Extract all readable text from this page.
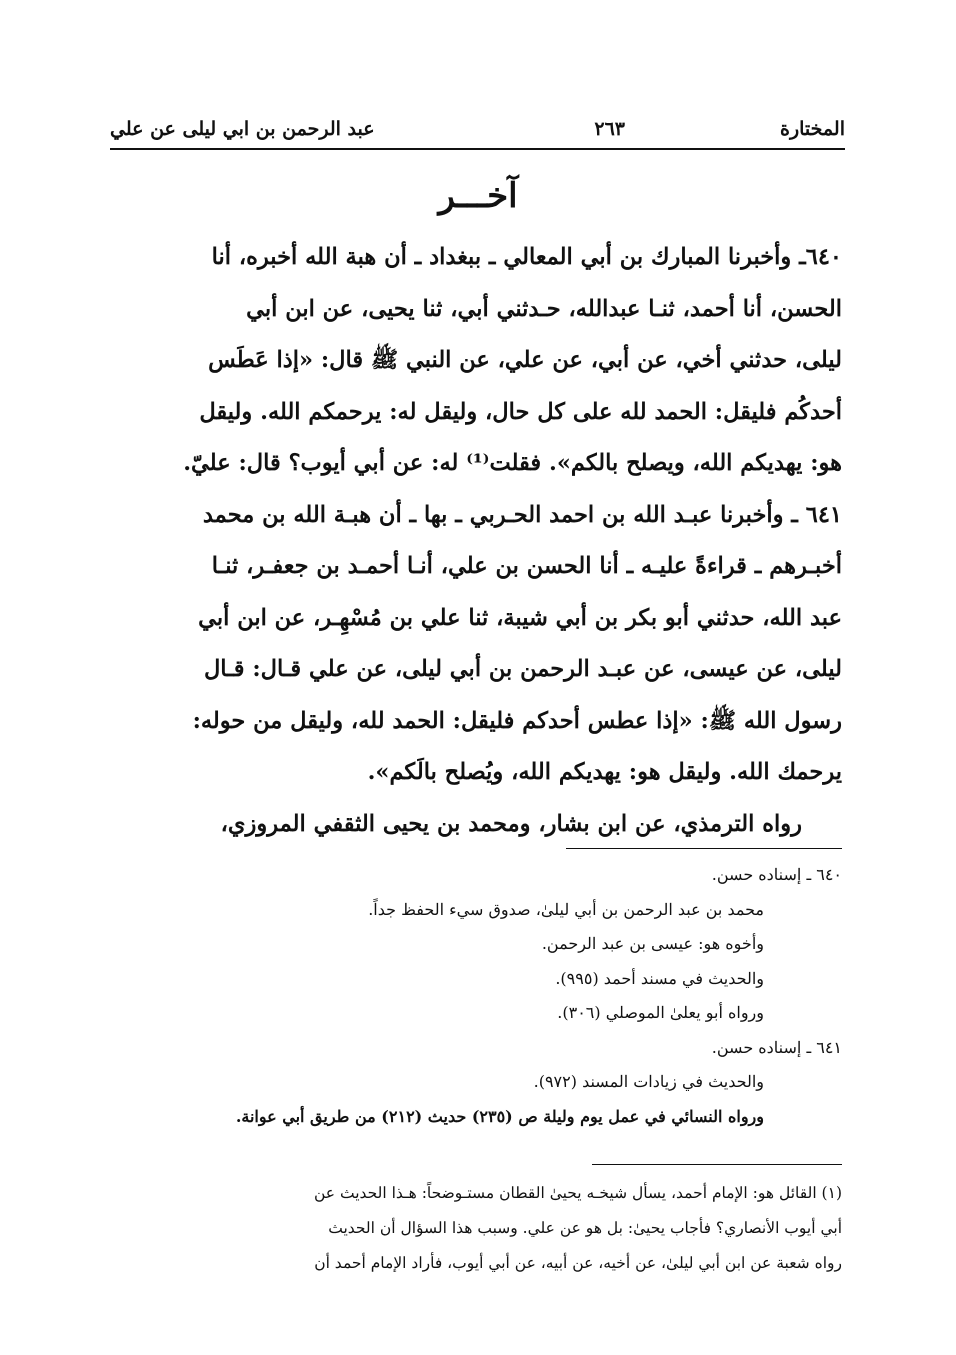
المختارة
٢٦٣
عبد الرحمن بن ابي ليلى عن علي
آخـــر

٦٤٠ـ وأخبرنا المبارك بن أبي المعالي ـ ببغداد ـ أن هبة الله أخبره، أنا

الحسن، أنا أحمد، ثنـا عبدالله، حـدثني أبي، ثنا يحيى، عن ابن أبي

ليلى، حدثني أخي، عن أبي، عن علي، عن النبي ﷺ قال: «إذا عَطَس

أحدكُم فليقل: الحمد لله على كل حال، وليقل له: يرحمكم الله. وليقل

هو: يهديكم الله، ويصلح بالكم». فقلت⁽¹⁾ له: عن أبي أيوب؟ قال: عليّ.

٦٤١ ـ وأخبرنا عبـد الله بن احمد الحـربي ـ بها ـ أن هبـة الله بن محمد

أخبـرهم ـ قراءةً عليـه ـ أنا الحسن بن علي، أنـا أحمـد بن جعفـر، ثنـا

عبد الله، حدثني أبو بكر بن أبي شيبة، ثنا علي بن مُسْهِـر، عن ابن أبي

ليلى، عن عيسى، عن عبـد الرحمن بن أبي ليلى، عن علي قـال: قـال

رسول الله ﷺ: «إذا عطس أحدكم فليقل: الحمد لله، وليقل من حوله:

يرحمك الله. وليقل هو: يهديكم الله، ويُصلح بالَكم».

رواه الترمذي، عن ابن بشار، ومحمد بن يحيى الثقفي المروزي،

٦٤٠ ـ إسناده حسن.

محمد بن عبد الرحمن بن أبي ليلىٰ، صدوق سيء الحفظ جداً.

وأخوه هو: عيسى بن عبد الرحمن.

والحديث في مسند أحمد (٩٩٥).

ورواه أبو يعلىٰ الموصلي (٣٠٦).

٦٤١ ـ إسناده حسن.

والحديث في زيادات المسند (٩٧٢).

ورواه النسائي في عمل يوم وليلة ص (٢٣٥) حديث (٢١٢) من طريق أبي عوانة.

(١) القائل هو: الإمام أحمد، يسأل شيخـه يحيىٰ القطان مستـوضحاً: هـذا الحديث عن

أبي أيوب الأنصاري؟ فأجاب يحيىٰ: بل هو عن علي. وسبب هذا السؤال أن الحديث

رواه شعبة عن ابن أبي ليلىٰ، عن أخيه، عن أبيه، عن أبي أيوب، فأراد الإمام أحمد أن
